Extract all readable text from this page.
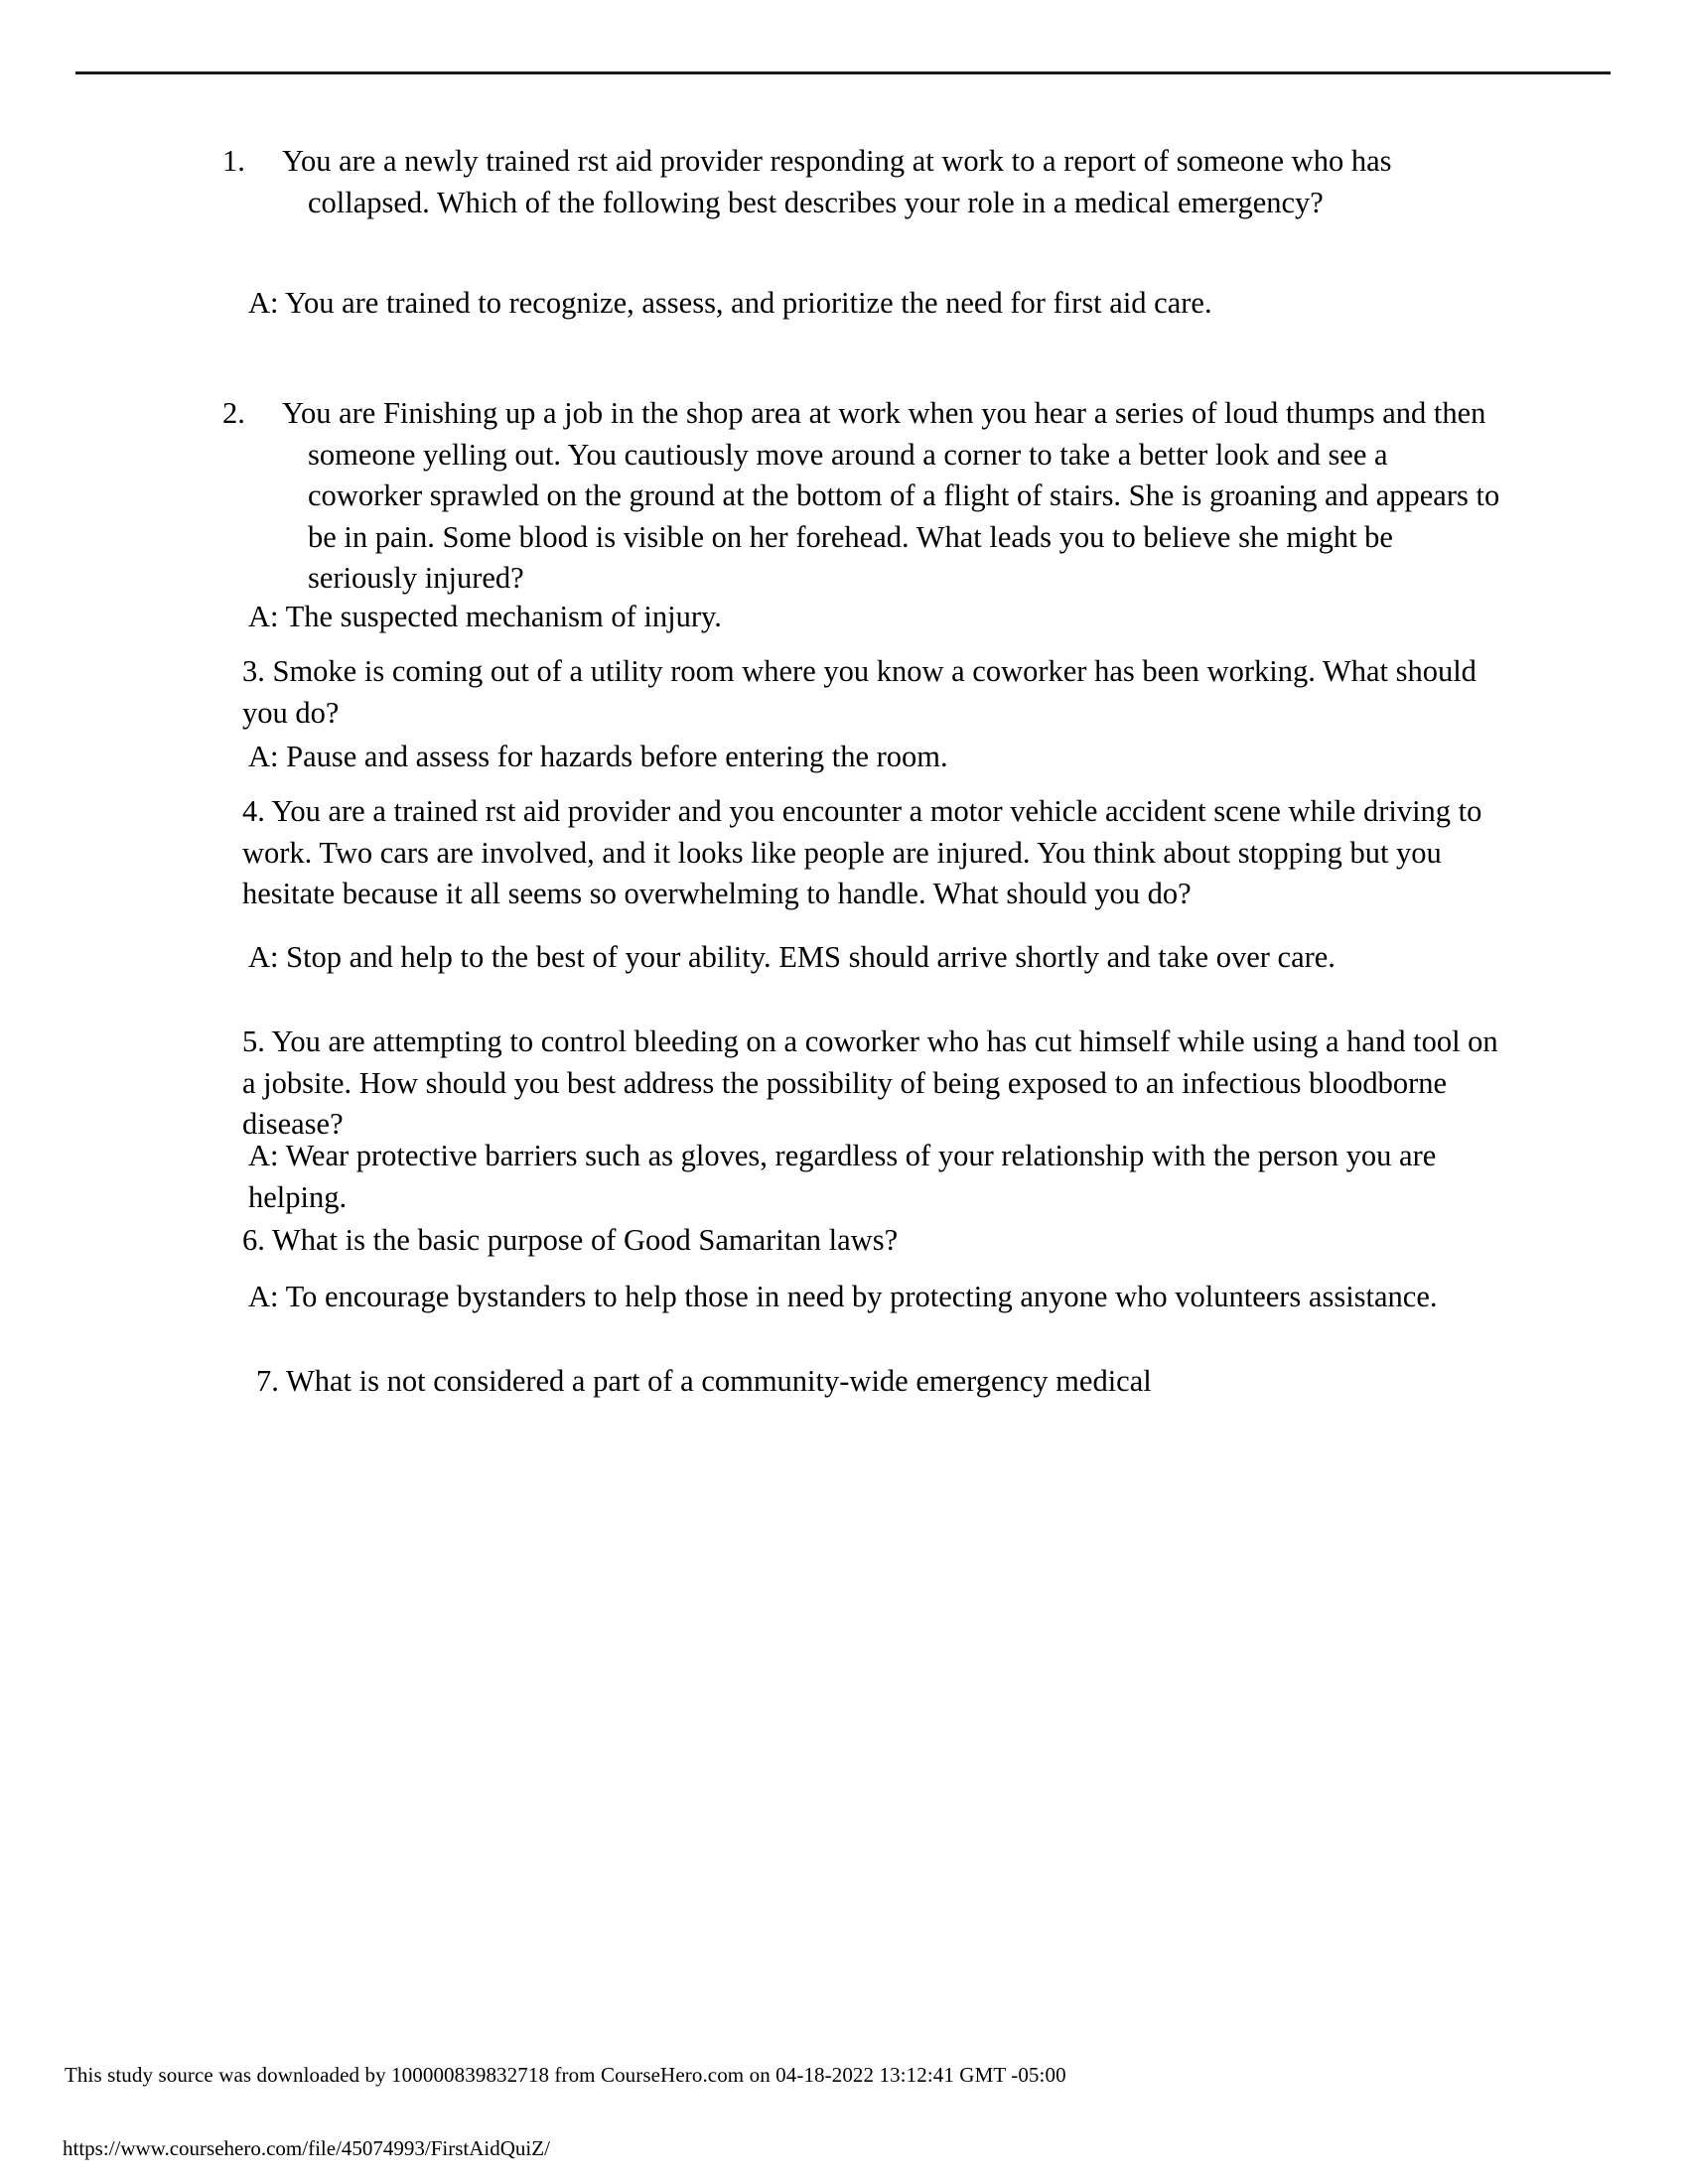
1.	You are a newly trained rst aid provider responding at work to a report of someone who has collapsed. Which of the following best describes your role in a medical emergency?
A: You are trained to recognize, assess, and prioritize the need for first aid care.
2.	You are Finishing up a job in the shop area at work when you hear a series of loud thumps and then someone yelling out. You cautiously move around a corner to take a better look and see a coworker sprawled on the ground at the bottom of a flight of stairs. She is groaning and appears to be in pain. Some blood is visible on her forehead. What leads you to believe she might be seriously injured?
A: The suspected mechanism of injury.
3. Smoke is coming out of a utility room where you know a coworker has been working. What should you do?
A: Pause and assess for hazards before entering the room.
4. You are a trained rst aid provider and you encounter a motor vehicle accident scene while driving to work. Two cars are involved, and it looks like people are injured. You think about stopping but you hesitate because it all seems so overwhelming to handle. What should you do?
A: Stop and help to the best of your ability. EMS should arrive shortly and take over care.
5. You are attempting to control bleeding on a coworker who has cut himself while using a hand tool on a jobsite. How should you best address the possibility of being exposed to an infectious bloodborne disease?
A: Wear protective barriers such as gloves, regardless of your relationship with the person you are helping.
6. What is the basic purpose of Good Samaritan laws?
A: To encourage bystanders to help those in need by protecting anyone who volunteers assistance.
7. What is not considered a part of a community-wide emergency medical
This study source was downloaded by 100000839832718 from CourseHero.com on 04-18-2022 13:12:41 GMT -05:00
https://www.coursehero.com/file/45074993/FirstAidQuiZ/
